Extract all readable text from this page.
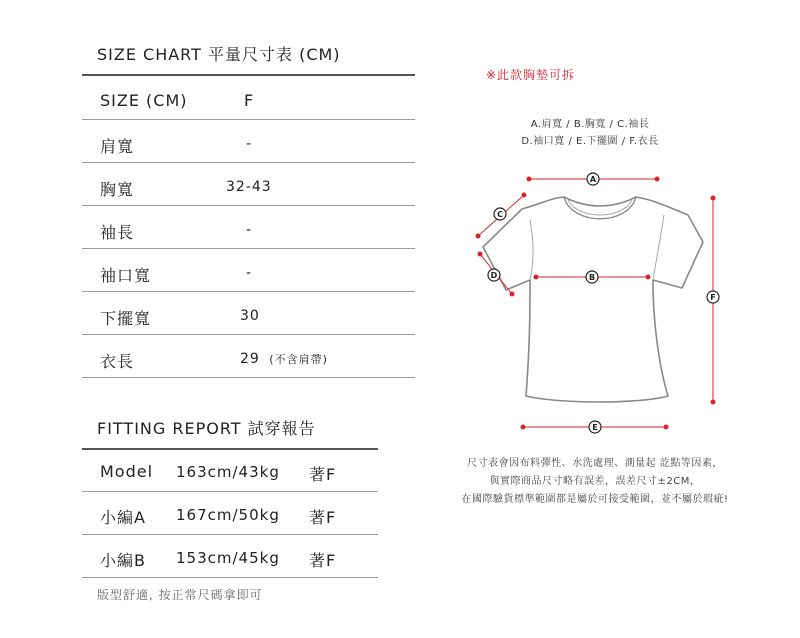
SIZE CHART 平量尺寸表 (CM)
SIZE (CM)	F
肩寬	-
胸寬	32-43
袖長	-
袖口寬	-
下擺寬	30
衣長	29 (不含肩帶)
FITTING REPORT 試穿報告
Model 163cm/43kg 著F
小編A 167cm/50kg 著F
小編B 153cm/45kg 著F
版型舒適, 按正常尺碼拿即可
※此款胸墊可拆
A.肩寬 / B.胸寬 / C.袖長
D.袖口寬 / E.下擺圍 / F.衣長
A
C
D	B
E
F
尺寸表會因布料彈性、水洗處理、測量起 訖點等因素，
與實際商品尺寸略有誤差，誤差尺寸±2CM，
在國際驗貨標準範圍都是屬於可接受範圍，並不屬於瑕疵!
